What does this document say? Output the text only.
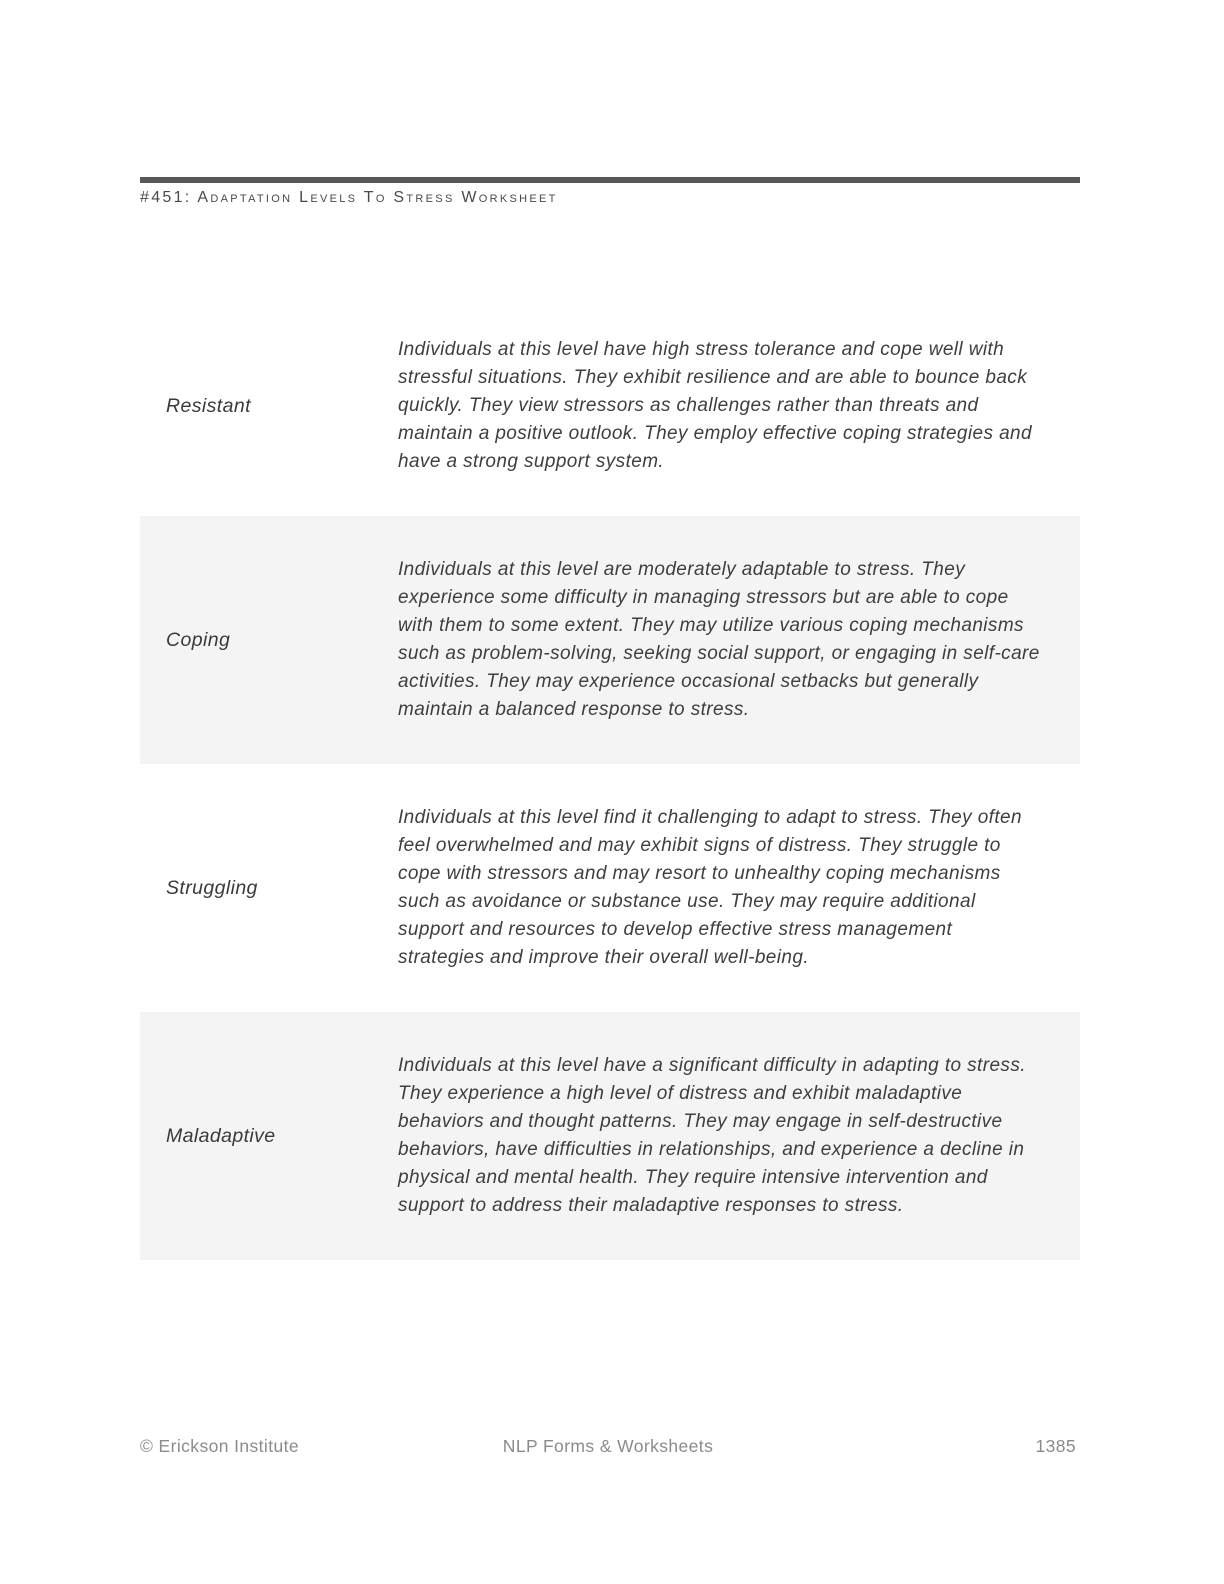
#451: Adaptation Levels To Stress Worksheet
Resistant
Individuals at this level have high stress tolerance and cope well with stressful situations. They exhibit resilience and are able to bounce back quickly. They view stressors as challenges rather than threats and maintain a positive outlook. They employ effective coping strategies and have a strong support system.
Coping
Individuals at this level are moderately adaptable to stress. They experience some difficulty in managing stressors but are able to cope with them to some extent. They may utilize various coping mechanisms such as problem-solving, seeking social support, or engaging in self-care activities. They may experience occasional setbacks but generally maintain a balanced response to stress.
Struggling
Individuals at this level find it challenging to adapt to stress. They often feel overwhelmed and may exhibit signs of distress. They struggle to cope with stressors and may resort to unhealthy coping mechanisms such as avoidance or substance use. They may require additional support and resources to develop effective stress management strategies and improve their overall well-being.
Maladaptive
Individuals at this level have a significant difficulty in adapting to stress. They experience a high level of distress and exhibit maladaptive behaviors and thought patterns. They may engage in self-destructive behaviors, have difficulties in relationships, and experience a decline in physical and mental health. They require intensive intervention and support to address their maladaptive responses to stress.
© Erickson Institute	NLP Forms & Worksheets	1385
